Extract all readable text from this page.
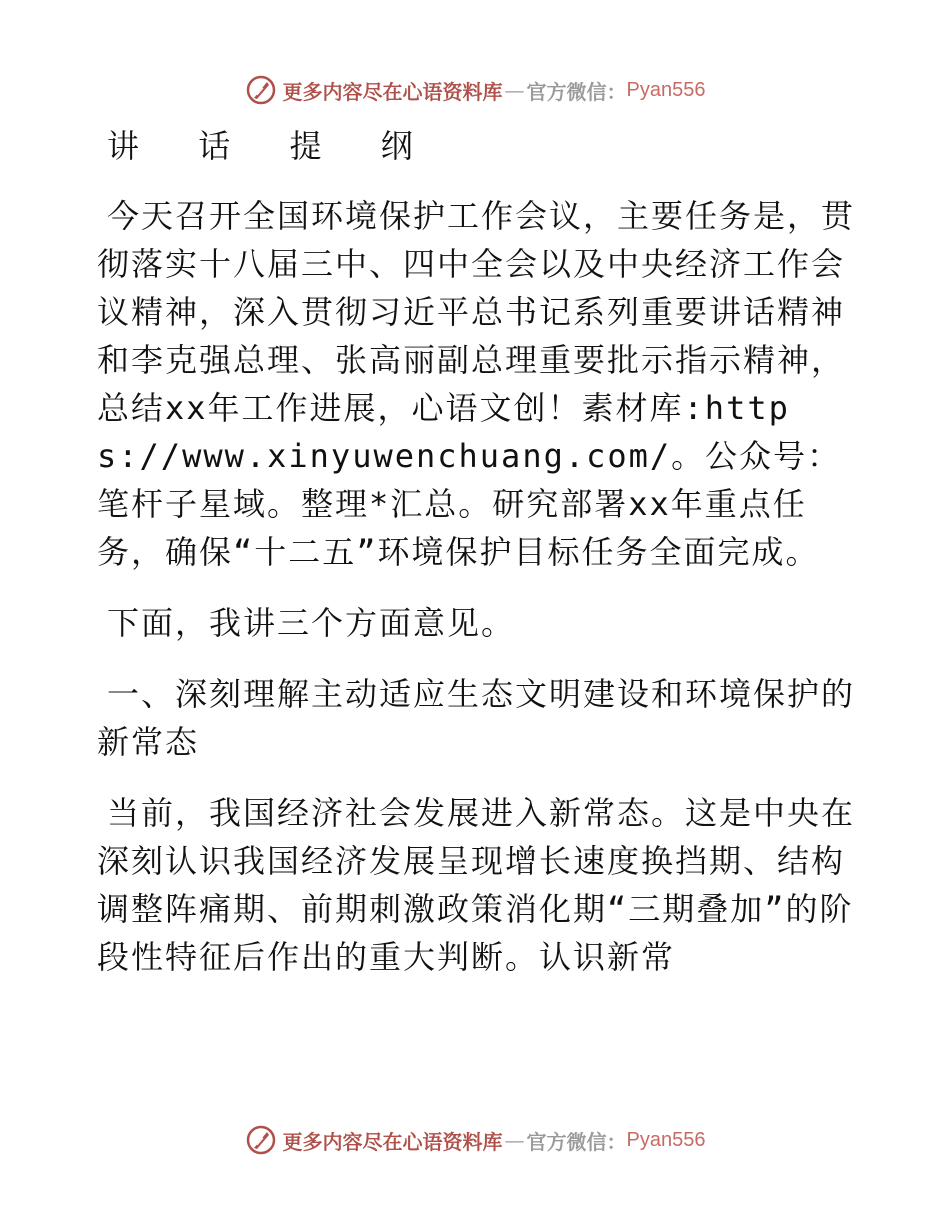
更多内容尽在心语资料库 — 官方微信： Pyan556
讲 话 提 纲

今天召开全国环境保护工作会议，主要任务是，贯彻落实十八届三中、四中全会以及中央经济工作会议精神，深入贯彻习近平总书记系列重要讲话精神和李克强总理、张高丽副总理重要批示指示精神，总结xx年工作进展，心语文创！素材库:https://www.xinyuwenchuang.com/。公众号：笔杆子星域。整理*汇总。研究部署xx年重点任务，确保“十二五”环境保护目标任务全面完成。

下面，我讲三个方面意见。

一、深刻理解主动适应生态文明建设和环境保护的新常态

当前，我国经济社会发展进入新常态。这是中央在深刻认识我国经济发展呈现增长速度换挡期、结构调整阵痛期、前期刺激政策消化期“三期叠加”的阶段性特征后作出的重大判断。认识新常

更多内容尽在心语资料库 — 官方微信： Pyan556
